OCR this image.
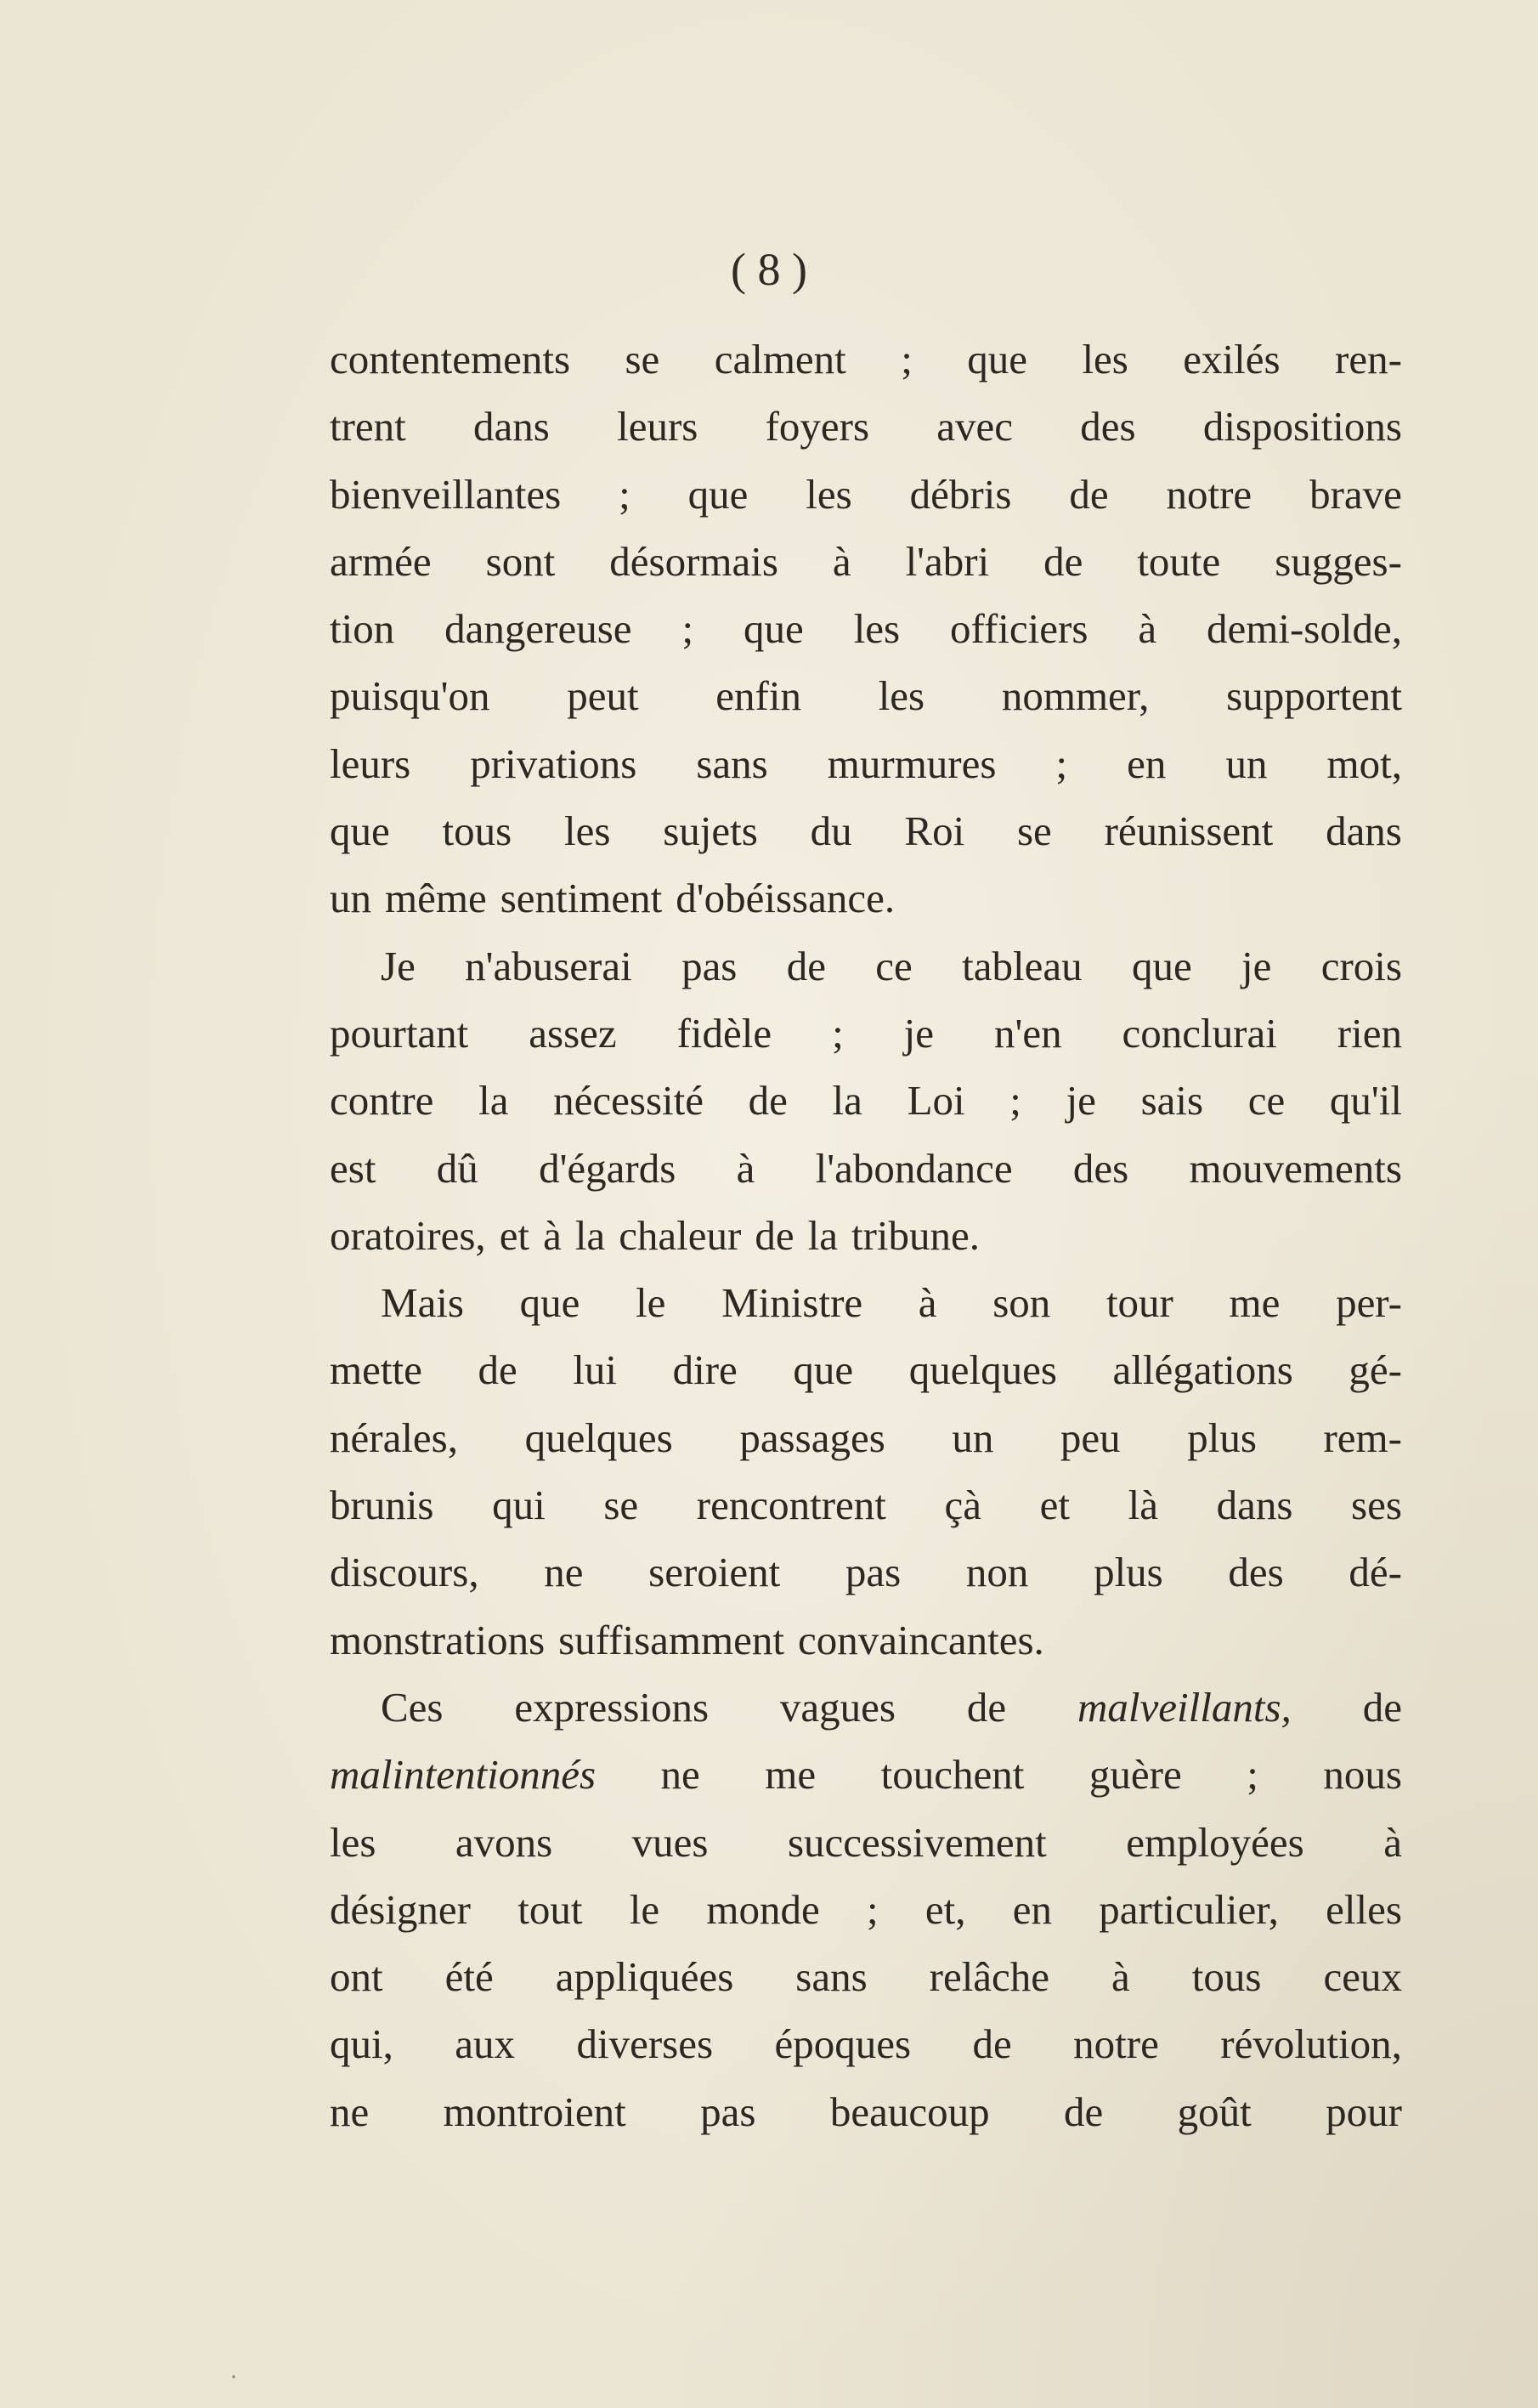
( 8 )
contentements se calment ; que les exilés ren-
trent dans leurs foyers avec des dispositions
bienveillantes ; que les débris de notre brave
armée sont désormais à l'abri de toute sugges-
tion dangereuse ; que les officiers à demi-solde,
puisqu'on peut enfin les nommer, supportent
leurs privations sans murmures ; en un mot,
que tous les sujets du Roi se réunissent dans
un même sentiment d'obéissance.
Je n'abuserai pas de ce tableau que je crois
pourtant assez fidèle ; je n'en conclurai rien
contre la nécessité de la Loi ; je sais ce qu'il
est dû d'égards à l'abondance des mouvements
oratoires, et à la chaleur de la tribune.
Mais que le Ministre à son tour me per-
mette de lui dire que quelques allégations gé-
nérales, quelques passages un peu plus rem-
brunis qui se rencontrent çà et là dans ses
discours, ne seroient pas non plus des dé-
monstrations suffisamment convaincantes.
Ces expressions vagues de malveillants, de
malintentionnés ne me touchent guère ; nous
les avons vues successivement employées à
désigner tout le monde ; et, en particulier, elles
ont été appliquées sans relâche à tous ceux
qui, aux diverses époques de notre révolution,
ne montroient pas beaucoup de goût pour
·
